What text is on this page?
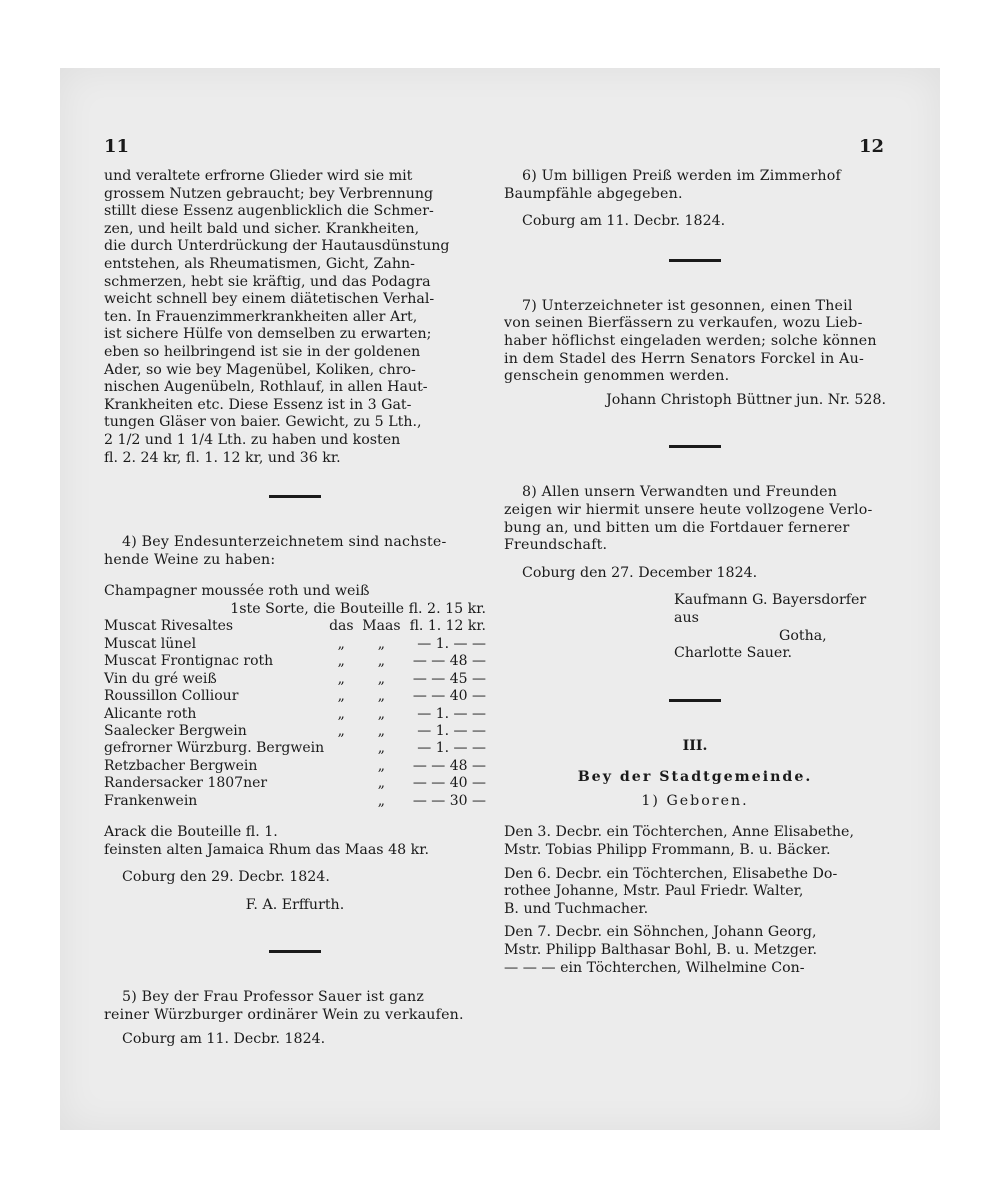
11	12

und veraltete erfrorne Glieder wird sie mit

grossem Nutzen gebraucht; bey Verbrennung

stillt diese Essenz augenblicklich die Schmer-

zen, und heilt bald und sicher. Krankheiten,

die durch Unterdrückung der Hautausdünstung

entstehen, als Rheumatismen, Gicht, Zahn-

schmerzen, hebt sie kräftig, und das Podagra

weicht schnell bey einem diätetischen Verhal-

ten. In Frauenzimmerkrankheiten aller Art,

ist sichere Hülfe von demselben zu erwarten;

eben so heilbringend ist sie in der goldenen

Ader, so wie bey Magenübel, Koliken, chro-

nischen Augenübeln, Rothlauf, in allen Haut-

Krankheiten etc. Diese Essenz ist in 3 Gat-

tungen Gläser von baier. Gewicht, zu 5 Lth.,

2 1/2 und 1 1/4 Lth. zu haben und kosten

fl. 2. 24 kr, fl. 1. 12 kr, und 36 kr.

4) Bey Endesunterzeichnetem sind nachste-

hende Weine zu haben:

Champagner moussée roth und weiß

1ste Sorte, die Bouteille fl. 2. 15 kr.

Muscat Rivesaltes	das	Maas	fl. 1. 12 kr.
Muscat lünel	„	„	— 1. — —
Muscat Frontignac roth	„	„	— — 48 —
Vin du gré weiß	„	„	— — 45 —
Roussillon Colliour	„	„	— — 40 —
Alicante roth	„	„	— 1. — —
Saalecker Bergwein	„	„	— 1. — —
gefrorner Würzburg. Bergwein		„	— 1. — —
Retzbacher Bergwein		„	— — 48 —
Randersacker 1807ner		„	— — 40 —
Frankenwein		„	— — 30 —

Arack die Bouteille fl. 1.

feinsten alten Jamaica Rhum das Maas 48 kr.

Coburg den 29. Decbr. 1824.

F. A. Erffurth.

5) Bey der Frau Professor Sauer ist ganz

reiner Würzburger ordinärer Wein zu verkaufen.

Coburg am 11. Decbr. 1824.

6) Um billigen Preiß werden im Zimmerhof

Baumpfähle abgegeben.

Coburg am 11. Decbr. 1824.

7) Unterzeichneter ist gesonnen, einen Theil

von seinen Bierfässern zu verkaufen, wozu Lieb-

haber höflichst eingeladen werden; solche können

in dem Stadel des Herrn Senators Forckel in Au-

genschein genommen werden.

Johann Christoph Büttner jun. Nr. 528.

8) Allen unsern Verwandten und Freunden

zeigen wir hiermit unsere heute vollzogene Verlo-

bung an, und bitten um die Fortdauer fernerer

Freundschaft.

Coburg den 27. December 1824.

Kaufmann G. Bayersdorfer aus

Gotha,

Charlotte Sauer.

III.

Bey der Stadtgemeinde.

1) Geboren.

Den 3. Decbr. ein Töchterchen, Anne Elisabethe,

Mstr. Tobias Philipp Frommann, B. u. Bäcker.

Den 6. Decbr. ein Töchterchen, Elisabethe Do-

rothee Johanne, Mstr. Paul Friedr. Walter,

B. und Tuchmacher.

Den 7. Decbr. ein Söhnchen, Johann Georg,

Mstr. Philipp Balthasar Bohl, B. u. Metzger.

— — — ein Töchterchen, Wilhelmine Con-
